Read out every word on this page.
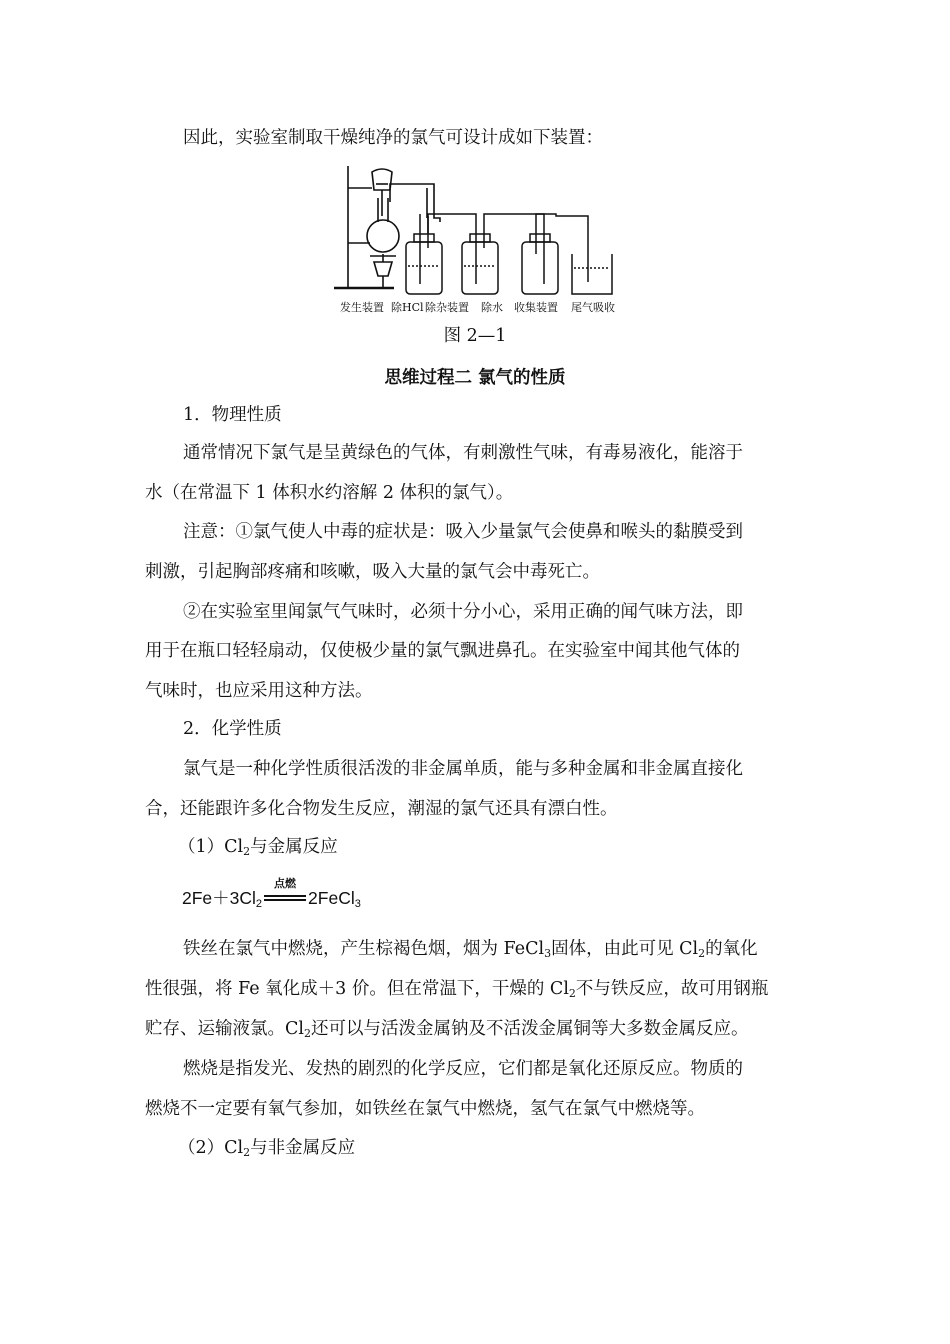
因此，实验室制取干燥纯净的氯气可设计成如下装置：
发生装置 除HCl 除杂装置 除水 收集装置 尾气吸收
图 2—1
思维过程二 氯气的性质
1．物理性质
通常情况下氯气是呈黄绿色的气体，有刺激性气味，有毒易液化，能溶于
水（在常温下 1 体积水约溶解 2 体积的氯气）。
注意：①氯气使人中毒的症状是：吸入少量氯气会使鼻和喉头的黏膜受到
刺激，引起胸部疼痛和咳嗽，吸入大量的氯气会中毒死亡。
②在实验室里闻氯气气味时，必须十分小心，采用正确的闻气味方法，即
用于在瓶口轻轻扇动，仅使极少量的氯气飘进鼻孔。在实验室中闻其他气体的
气味时，也应采用这种方法。
2．化学性质
氯气是一种化学性质很活泼的非金属单质，能与多种金属和非金属直接化
合，还能跟许多化合物发生反应，潮湿的氯气还具有漂白性。
$(1)Cl_2$与金属反应
$2Fe+3Cl_2$
点燃
2FeCl$_3$
铁丝在氯气中燃烧，产生棕褐色烟，烟为 FeCl$_3$固体，由此可见 $Cl_2$的氧化
性很强，将 Fe 氧化成＋3 价。但在常温下，干燥的 $Cl_2$不与铁反应，故可用钢瓶
贮存、运输液氯。$Cl_2$还可以与活泼金属钠及不活泼金属铜等大多数金属反应。
燃烧是指发光、发热的剧烈的化学反应，它们都是氧化还原反应。物质的
燃烧不一定要有氧气参加，如铁丝在氯气中燃烧，氢气在氯气中燃烧等。
$(2)Cl_2$与非金属反应
